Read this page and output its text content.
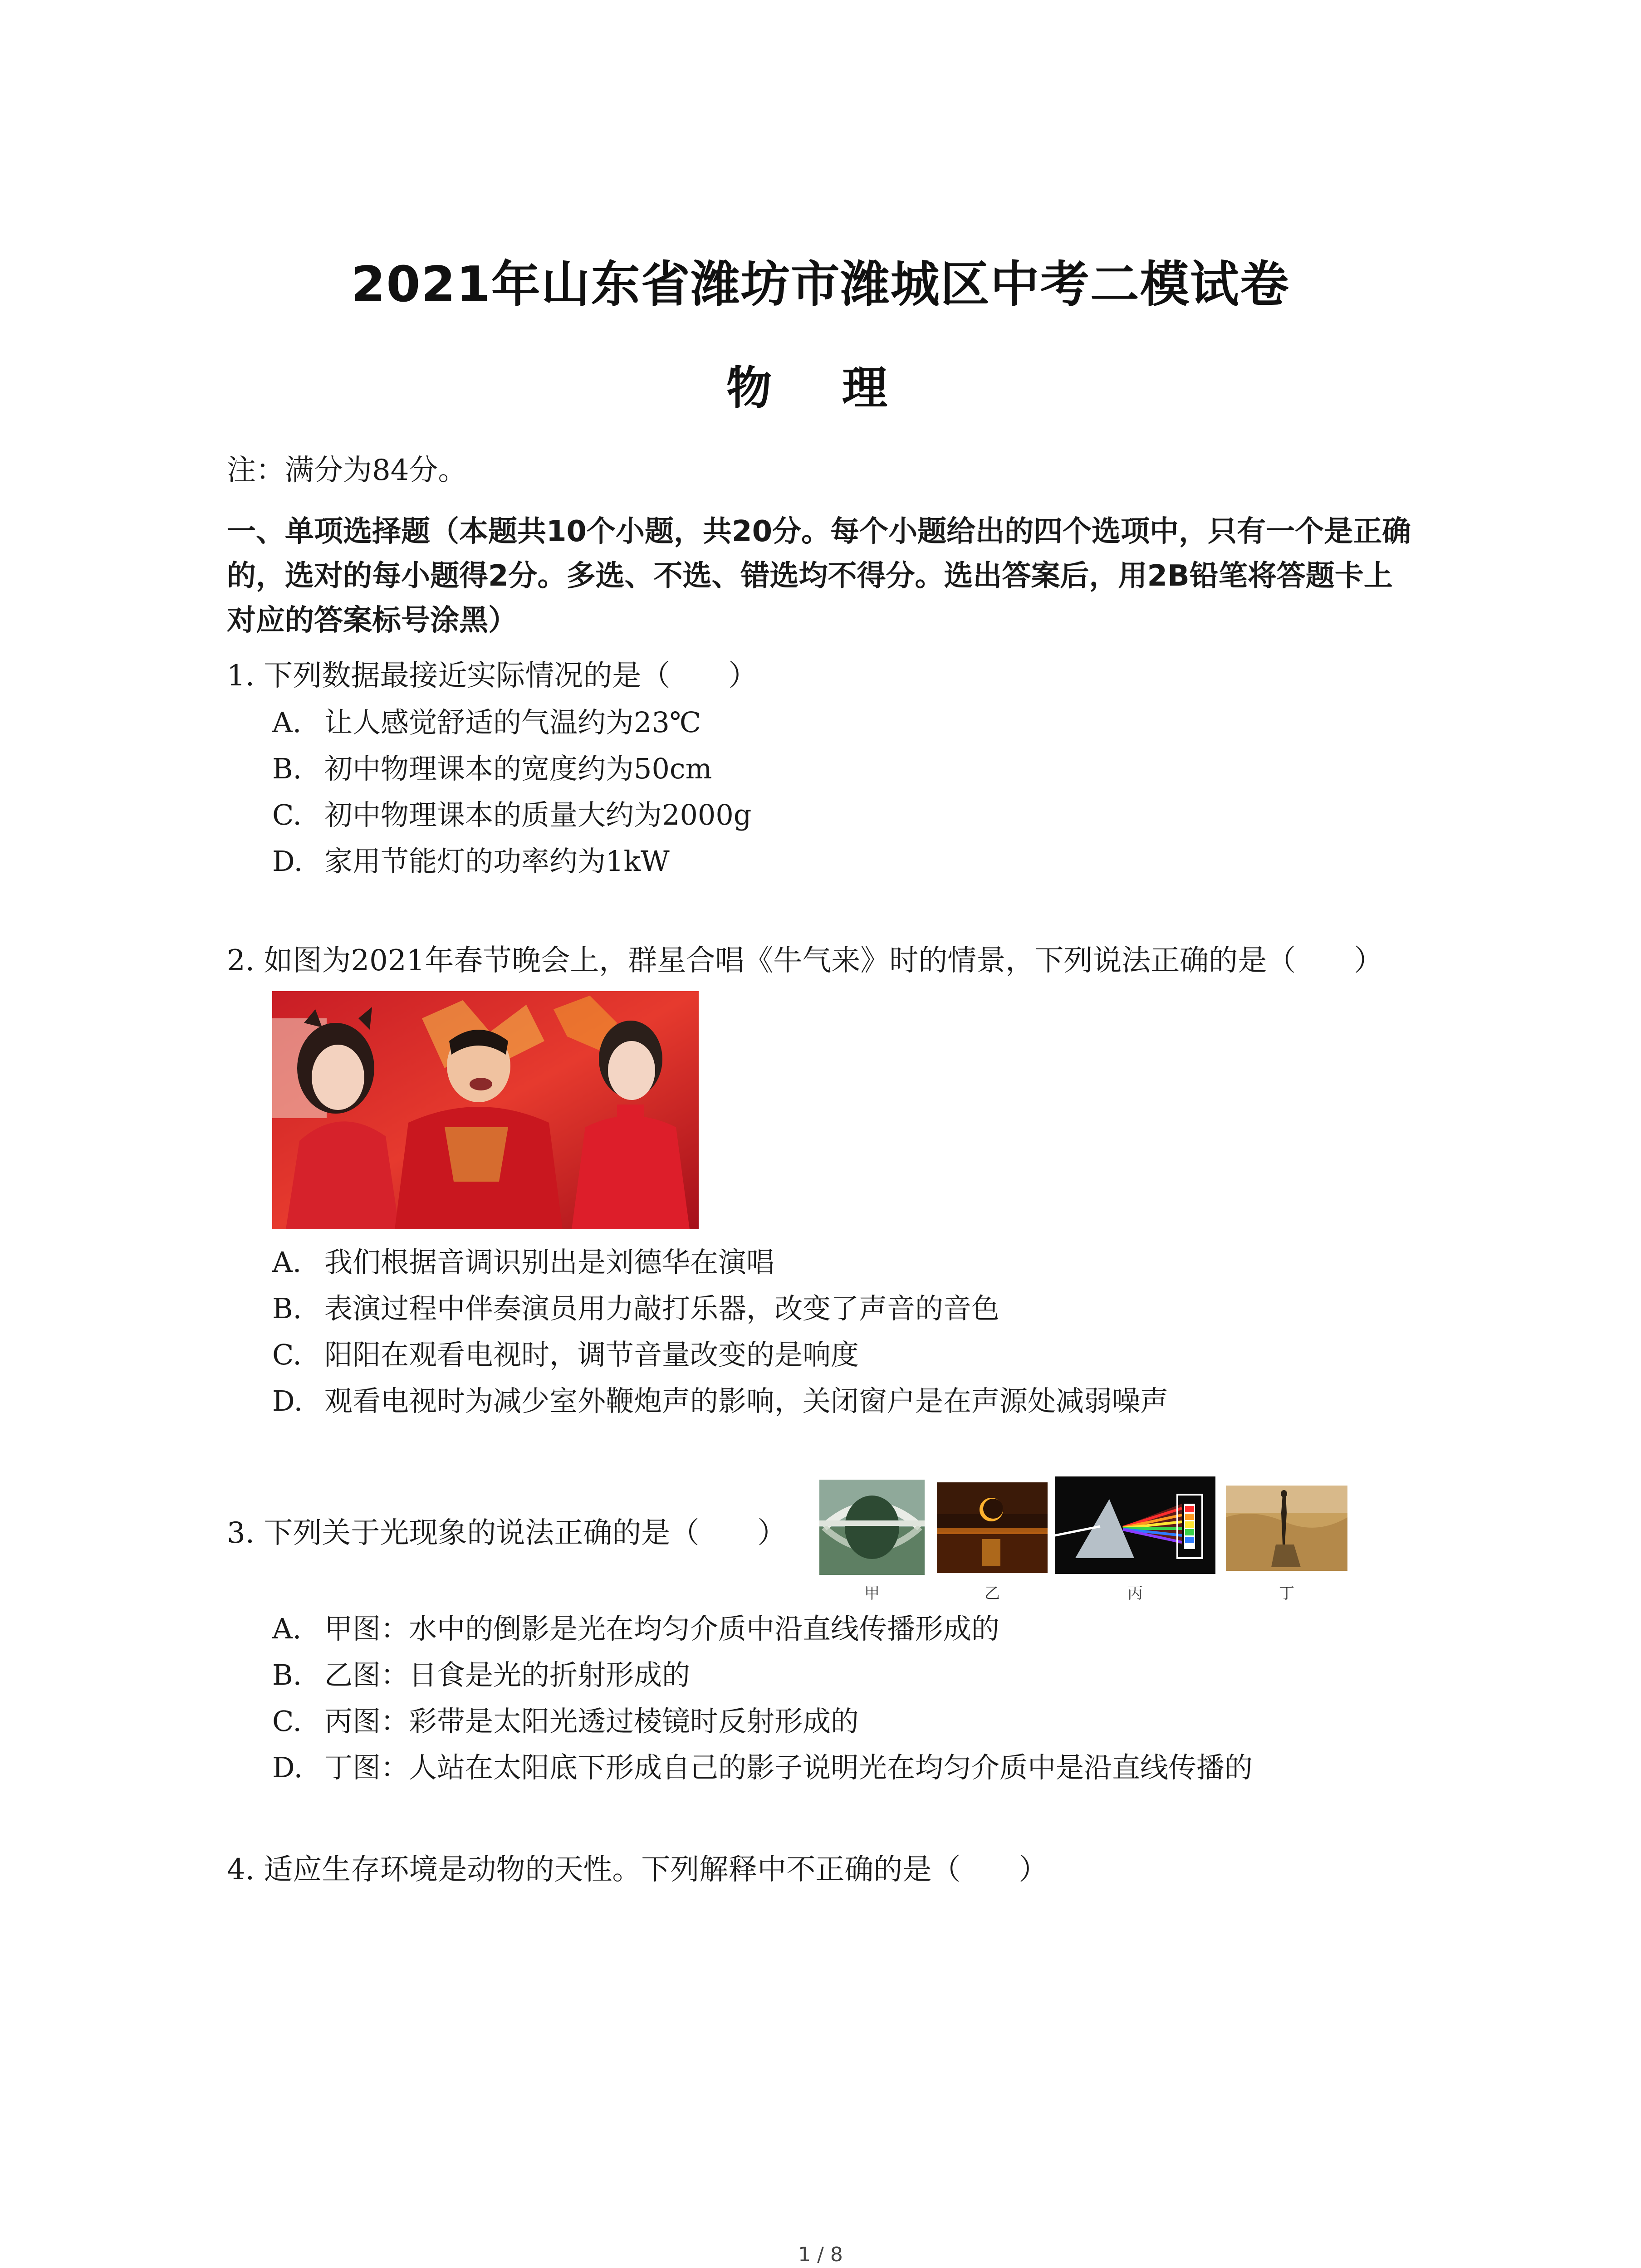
2021年山东省潍坊市潍城区中考二模试卷
物 理
注：满分为84分。
一、单项选择题（本题共10个小题，共20分。每个小题给出的四个选项中，只有一个是正确
的，选对的每小题得2分。多选、不选、错选均不得分。选出答案后，用2B铅笔将答题卡上
对应的答案标号涂黑）
1. 下列数据最接近实际情况的是（　　）
A. 让人感觉舒适的气温约为23℃
B. 初中物理课本的宽度约为50cm
C. 初中物理课本的质量大约为2000g
D. 家用节能灯的功率约为1kW
2. 如图为2021年春节晚会上，群星合唱《牛气来》时的情景，下列说法正确的是（　　）
A. 我们根据音调识别出是刘德华在演唱
B. 表演过程中伴奏演员用力敲打乐器，改变了声音的音色
C. 阳阳在观看电视时，调节音量改变的是响度
D. 观看电视时为减少室外鞭炮声的影响，关闭窗户是在声源处减弱噪声
3. 下列关于光现象的说法正确的是（　　）
甲	乙	丙	丁
A. 甲图：水中的倒影是光在均匀介质中沿直线传播形成的
B. 乙图：日食是光的折射形成的
C. 丙图：彩带是太阳光透过棱镜时反射形成的
D. 丁图：人站在太阳底下形成自己的影子说明光在均匀介质中是沿直线传播的
4. 适应生存环境是动物的天性。下列解释中不正确的是（　　）
1 / 8
